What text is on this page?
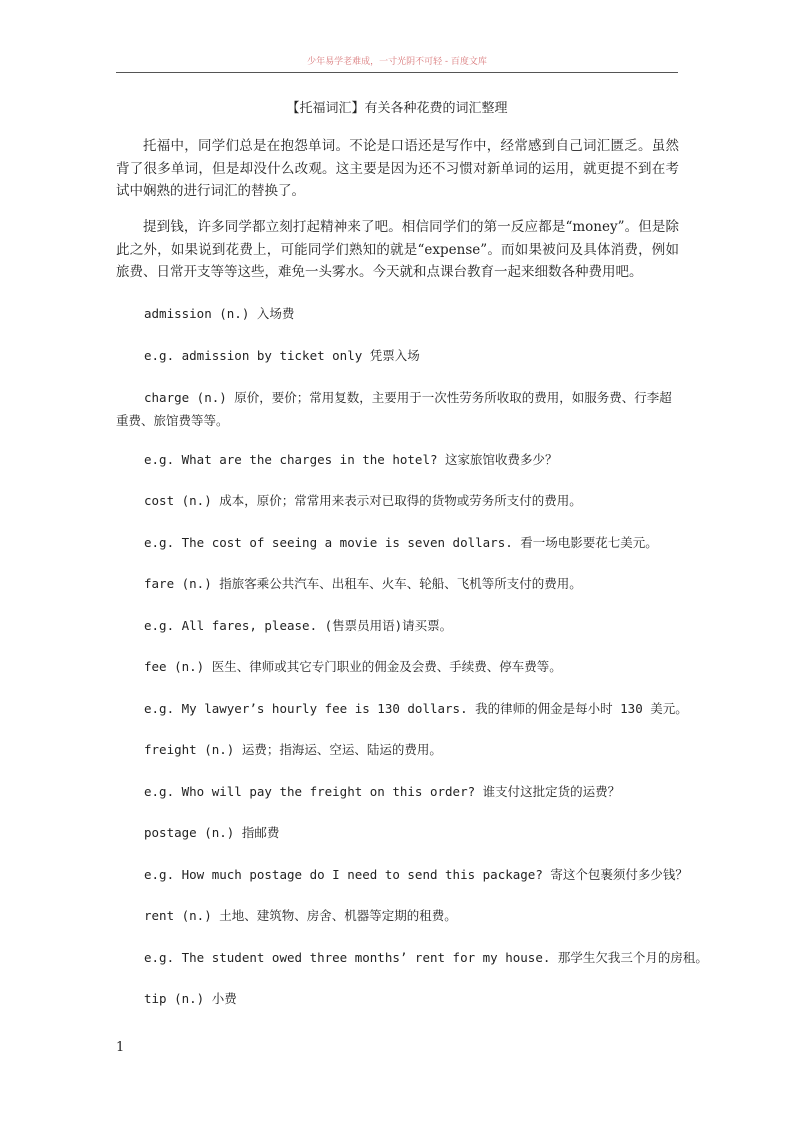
少年易学老难成，一寸光阴不可轻 - 百度文库
【托福词汇】有关各种花费的词汇整理
托福中，同学们总是在抱怨单词。不论是口语还是写作中，经常感到自己词汇匮乏。虽然背了很多单词，但是却没什么改观。这主要是因为还不习惯对新单词的运用，就更提不到在考试中娴熟的进行词汇的替换了。
提到钱，许多同学都立刻打起精神来了吧。相信同学们的第一反应都是“money”。但是除此之外，如果说到花费上，可能同学们熟知的就是“expense”。而如果被问及具体消费，例如旅费、日常开支等等这些，难免一头雾水。今天就和点课台教育一起来细数各种费用吧。
admission (n.) 入场费
e.g. admission by ticket only 凭票入场
charge (n.) 原价，要价；常用复数，主要用于一次性劳务所收取的费用，如服务费、行李超重费、旅馆费等等。
e.g. What are the charges in the hotel? 这家旅馆收费多少？
cost (n.) 成本，原价；常常用来表示对已取得的货物或劳务所支付的费用。
e.g. The cost of seeing a movie is seven dollars. 看一场电影要花七美元。
fare (n.) 指旅客乘公共汽车、出租车、火车、轮船、飞机等所支付的费用。
e.g. All fares, please. (售票员用语)请买票。
fee (n.) 医生、律师或其它专门职业的佣金及会费、手续费、停车费等。
e.g. My lawyer’s hourly fee is 130 dollars. 我的律师的佣金是每小时 130 美元。
freight (n.) 运费；指海运、空运、陆运的费用。
e.g. Who will pay the freight on this order? 谁支付这批定货的运费？
postage (n.) 指邮费
e.g. How much postage do I need to send this package? 寄这个包裹须付多少钱？
rent (n.) 土地、建筑物、房舍、机器等定期的租费。
e.g. The student owed three months’ rent for my house. 那学生欠我三个月的房租。
tip (n.) 小费
1
